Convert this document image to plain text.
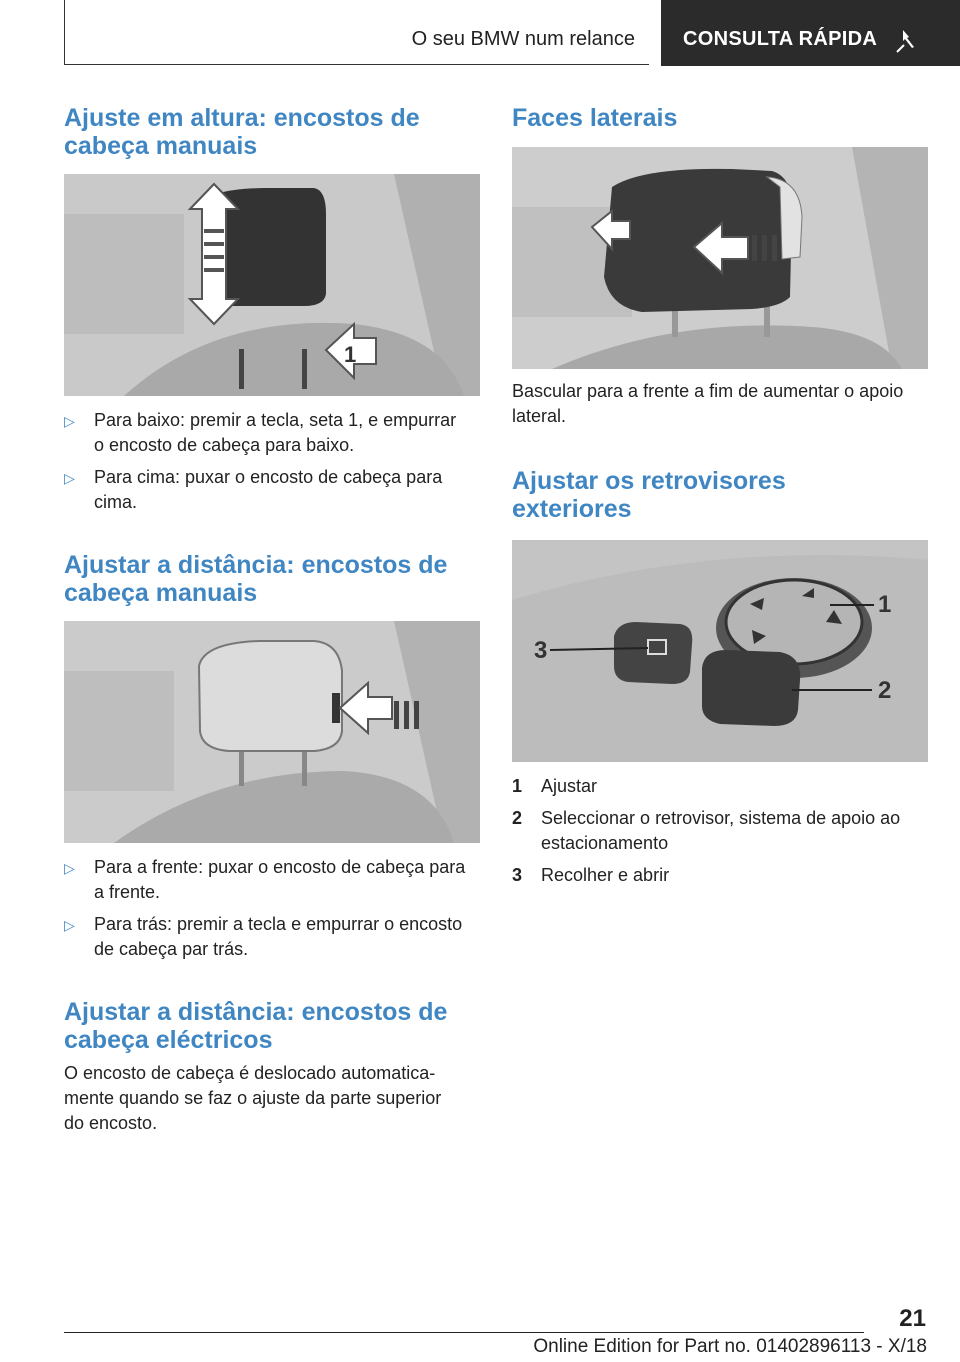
O seu BMW num relance CONSULTA RÁPIDA
Ajuste em altura: encostos de
cabeça manuais
1
▷ Para baixo: premir a tecla, seta 1, e empurrar
o encosto de cabeça para baixo.
▷ Para cima: puxar o encosto de cabeça para
cima.
Ajustar a distância: encostos de
cabeça manuais
▷ Para a frente: puxar o encosto de cabeça para
a frente.
▷ Para trás: premir a tecla e empurrar o encosto
de cabeça par trás.
Ajustar a distância: encostos de
cabeça eléctricos
O encosto de cabeça é deslocado automatica-
mente quando se faz o ajuste da parte superior
do encosto.
Faces laterais
Bascular para a frente a fim de aumentar o apoio
lateral.
Ajustar os retrovisores
exteriores
1
2
3
1 Ajustar
2 Seleccionar o retrovisor, sistema de apoio ao
estacionamento
3 Recolher e abrir
21
Online Edition for Part no. 01402896113 - X/18
